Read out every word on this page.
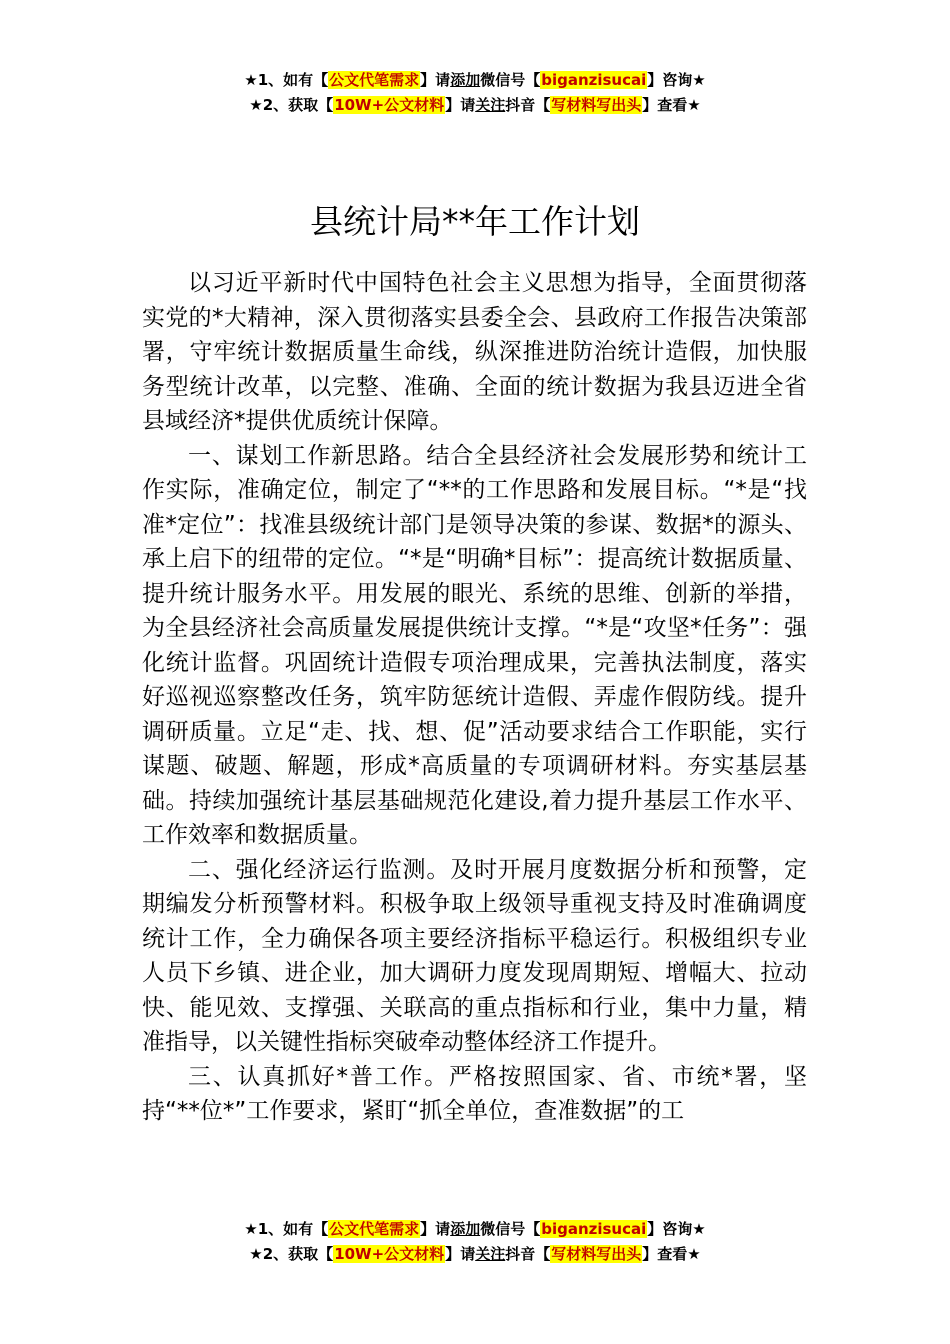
★1、如有【公文代笔需求】请添加微信号【biganzisucai】咨询★
★2、获取【10W+公文材料】请关注抖音【写材料写出头】查看★
县统计局**年工作计划

以习近平新时代中国特色社会主义思想为指导，全面贯彻落实党的*大精神，深入贯彻落实县委全会、县政府工作报告决策部署，守牢统计数据质量生命线，纵深推进防治统计造假，加快服务型统计改革，以完整、准确、全面的统计数据为我县迈进全省县域经济*提供优质统计保障。

一、谋划工作新思路。结合全县经济社会发展形势和统计工作实际，准确定位，制定了“**的工作思路和发展目标。“*是“找准*定位”：找准县级统计部门是领导决策的参谋、数据*的源头、承上启下的纽带的定位。“*是“明确*目标”：提高统计数据质量、提升统计服务水平。用发展的眼光、系统的思维、创新的举措，为全县经济社会高质量发展提供统计支撑。“*是“攻坚*任务”：强化统计监督。巩固统计造假专项治理成果，完善执法制度，落实好巡视巡察整改任务，筑牢防惩统计造假、弄虚作假防线。提升调研质量。立足“走、找、想、促”活动要求结合工作职能，实行谋题、破题、解题，形成*高质量的专项调研材料。夯实基层基础。持续加强统计基层基础规范化建设,着力提升基层工作水平、工作效率和数据质量。

二、强化经济运行监测。及时开展月度数据分析和预警，定期编发分析预警材料。积极争取上级领导重视支持及时准确调度统计工作，全力确保各项主要经济指标平稳运行。积极组织专业人员下乡镇、进企业，加大调研力度发现周期短、增幅大、拉动快、能见效、支撑强、关联高的重点指标和行业，集中力量，精准指导，以关键性指标突破牵动整体经济工作提升。

三、认真抓好*普工作。严格按照国家、省、市统*署，坚持“**位*”工作要求，紧盯“抓全单位，查准数据”的工

★1、如有【公文代笔需求】请添加微信号【biganzisucai】咨询★
★2、获取【10W+公文材料】请关注抖音【写材料写出头】查看★
